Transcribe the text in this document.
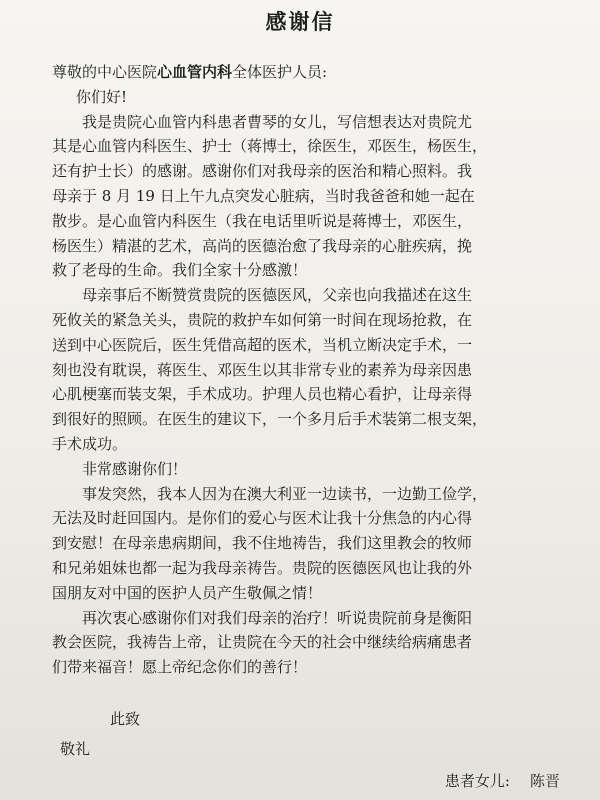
感谢信
尊敬的中心医院心血管内科全体医护人员:
你们好!
我是贵院心血管内科患者曹琴的女儿，写信想表达对贵院尤
其是心血管内科医生、护士（蒋博士，徐医生，邓医生，杨医生，
还有护士长）的感谢。感谢你们对我母亲的医治和精心照料。我
母亲于 8 月 19 日上午九点突发心脏病，当时我爸爸和她一起在
散步。是心血管内科医生（我在电话里听说是蒋博士，邓医生，
杨医生）精湛的艺术，高尚的医德治愈了我母亲的心脏疾病，挽
救了老母的生命。我们全家十分感激！
母亲事后不断赞赏贵院的医德医风，父亲也向我描述在这生
死攸关的紧急关头，贵院的救护车如何第一时间在现场抢救，在
送到中心医院后，医生凭借高超的医术，当机立断决定手术，一
刻也没有耽误，蒋医生、邓医生以其非常专业的素养为母亲因患
心肌梗塞而装支架，手术成功。护理人员也精心看护，让母亲得
到很好的照顾。在医生的建议下，一个多月后手术装第二根支架，
手术成功。
非常感谢你们！
事发突然，我本人因为在澳大利亚一边读书，一边勤工俭学，
无法及时赶回国内。是你们的爱心与医术让我十分焦急的内心得
到安慰！在母亲患病期间，我不住地祷告，我们这里教会的牧师
和兄弟姐妹也都一起为我母亲祷告。贵院的医德医风也让我的外
国朋友对中国的医护人员产生敬佩之情！
再次衷心感谢你们对我们母亲的治疗！听说贵院前身是衡阳
教会医院，我祷告上帝，让贵院在今天的社会中继续给病痛患者
们带来福音！愿上帝纪念你们的善行！
此致
敬礼
患者女儿: 陈晋
